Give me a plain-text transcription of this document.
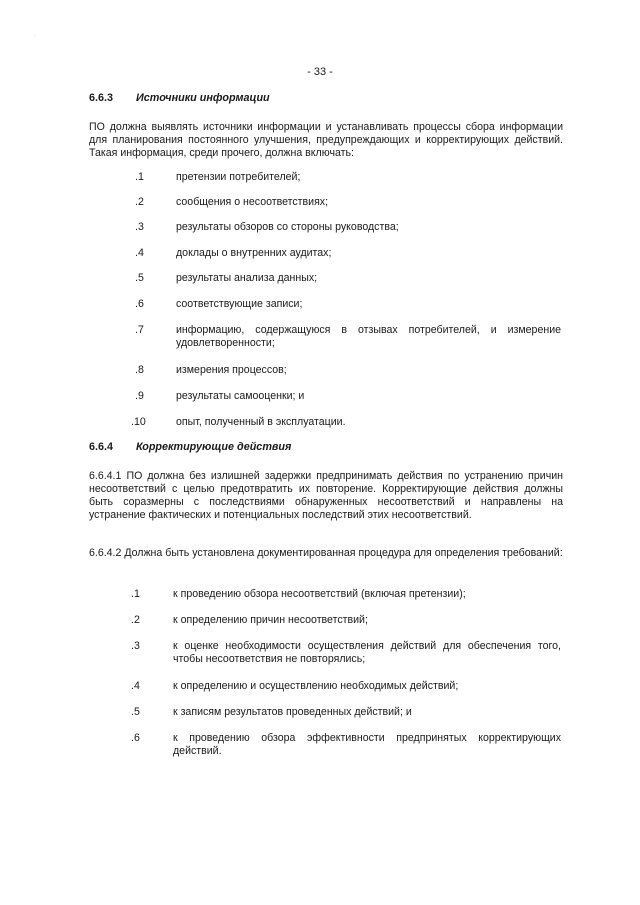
·
- 33 -
6.6.3 Источники информации
ПО должна выявлять источники информации и устанавливать процессы сбора информации для планирования постоянного улучшения, предупреждающих и корректирующих действий. Такая информация, среди прочего, должна включать:
.1	претензии потребителей;
.2	сообщения о несоответствиях;
.3	результаты обзоров со стороны руководства;
.4	доклады о внутренних аудитах;
.5	результаты анализа данных;
.6	соответствующие записи;
.7	информацию, содержащуюся в отзывах потребителей, и измерение удовлетворенности;
.8	измерения процессов;
.9	результаты самооценки; и
.10	опыт, полученный в эксплуатации.
6.6.4 Корректирующие действия
6.6.4.1 ПО должна без излишней задержки предпринимать действия по устранению причин несоответствий с целью предотвратить их повторение. Корректирующие действия должны быть соразмерны с последствиями обнаруженных несоответствий и направлены на устранение фактических и потенциальных последствий этих несоответствий.
6.6.4.2 Должна быть установлена документированная процедура для определения требований:
.1	к проведению обзора несоответствий (включая претензии);
.2	к определению причин несоответствий;
.3	к оценке необходимости осуществления действий для обеспечения того, чтобы несоответствия не повторялись;
.4	к определению и осуществлению необходимых действий;
.5	к записям результатов проведенных действий; и
.6	к проведению обзора эффективности предпринятых корректирующих действий.
